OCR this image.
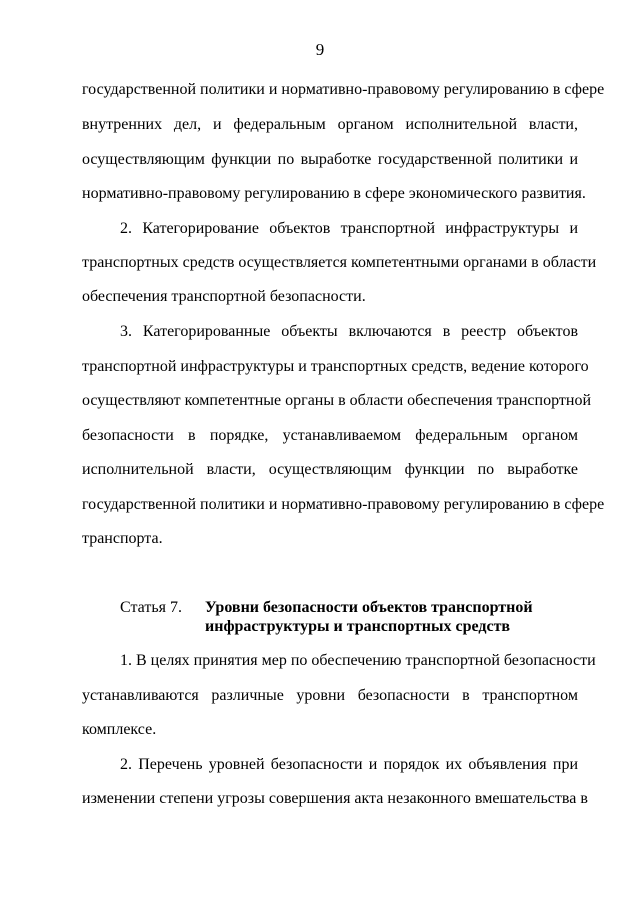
9
государственной политики и нормативно-правовому регулированию в сфере
внутренних дел, и федеральным органом исполнительной власти,
осуществляющим функции по выработке государственной политики и
нормативно-правовому регулированию в сфере экономического развития.
2. Категорирование объектов транспортной инфраструктуры и
транспортных средств осуществляется компетентными органами в области
обеспечения транспортной безопасности.
3. Категорированные объекты включаются в реестр объектов
транспортной инфраструктуры и транспортных средств, ведение которого
осуществляют компетентные органы в области обеспечения транспортной
безопасности в порядке, устанавливаемом федеральным органом
исполнительной власти, осуществляющим функции по выработке
государственной политики и нормативно-правовому регулированию в сфере
транспорта.
Статья 7. Уровни безопасности объектов транспортной
инфраструктуры и транспортных средств
1. В целях принятия мер по обеспечению транспортной безопасности
устанавливаются различные уровни безопасности в транспортном
комплексе.
2. Перечень уровней безопасности и порядок их объявления при
изменении степени угрозы совершения акта незаконного вмешательства в
